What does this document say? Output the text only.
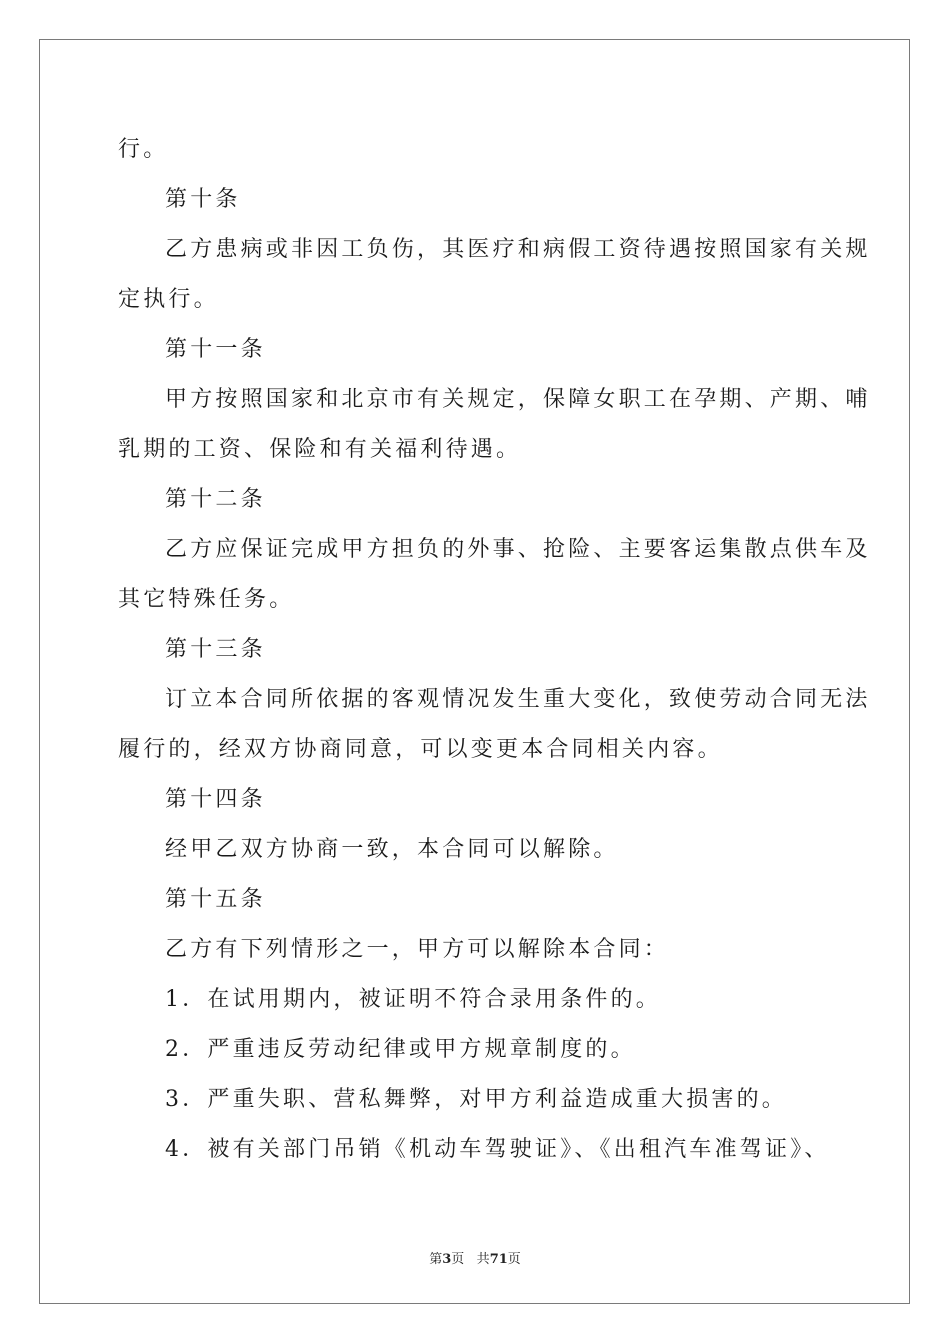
行。
第十条
乙方患病或非因工负伤，其医疗和病假工资待遇按照国家有关规
定执行。
第十一条
甲方按照国家和北京市有关规定，保障女职工在孕期、产期、哺
乳期的工资、保险和有关福利待遇。
第十二条
乙方应保证完成甲方担负的外事、抢险、主要客运集散点供车及
其它特殊任务。
第十三条
订立本合同所依据的客观情况发生重大变化，致使劳动合同无法
履行的，经双方协商同意，可以变更本合同相关内容。
第十四条
经甲乙双方协商一致，本合同可以解除。
第十五条
乙方有下列情形之一，甲方可以解除本合同：
1．在试用期内，被证明不符合录用条件的。
2．严重违反劳动纪律或甲方规章制度的。
3．严重失职、营私舞弊，对甲方利益造成重大损害的。
4．被有关部门吊销《机动车驾驶证》、《出租汽车准驾证》、
第3页 共71页
